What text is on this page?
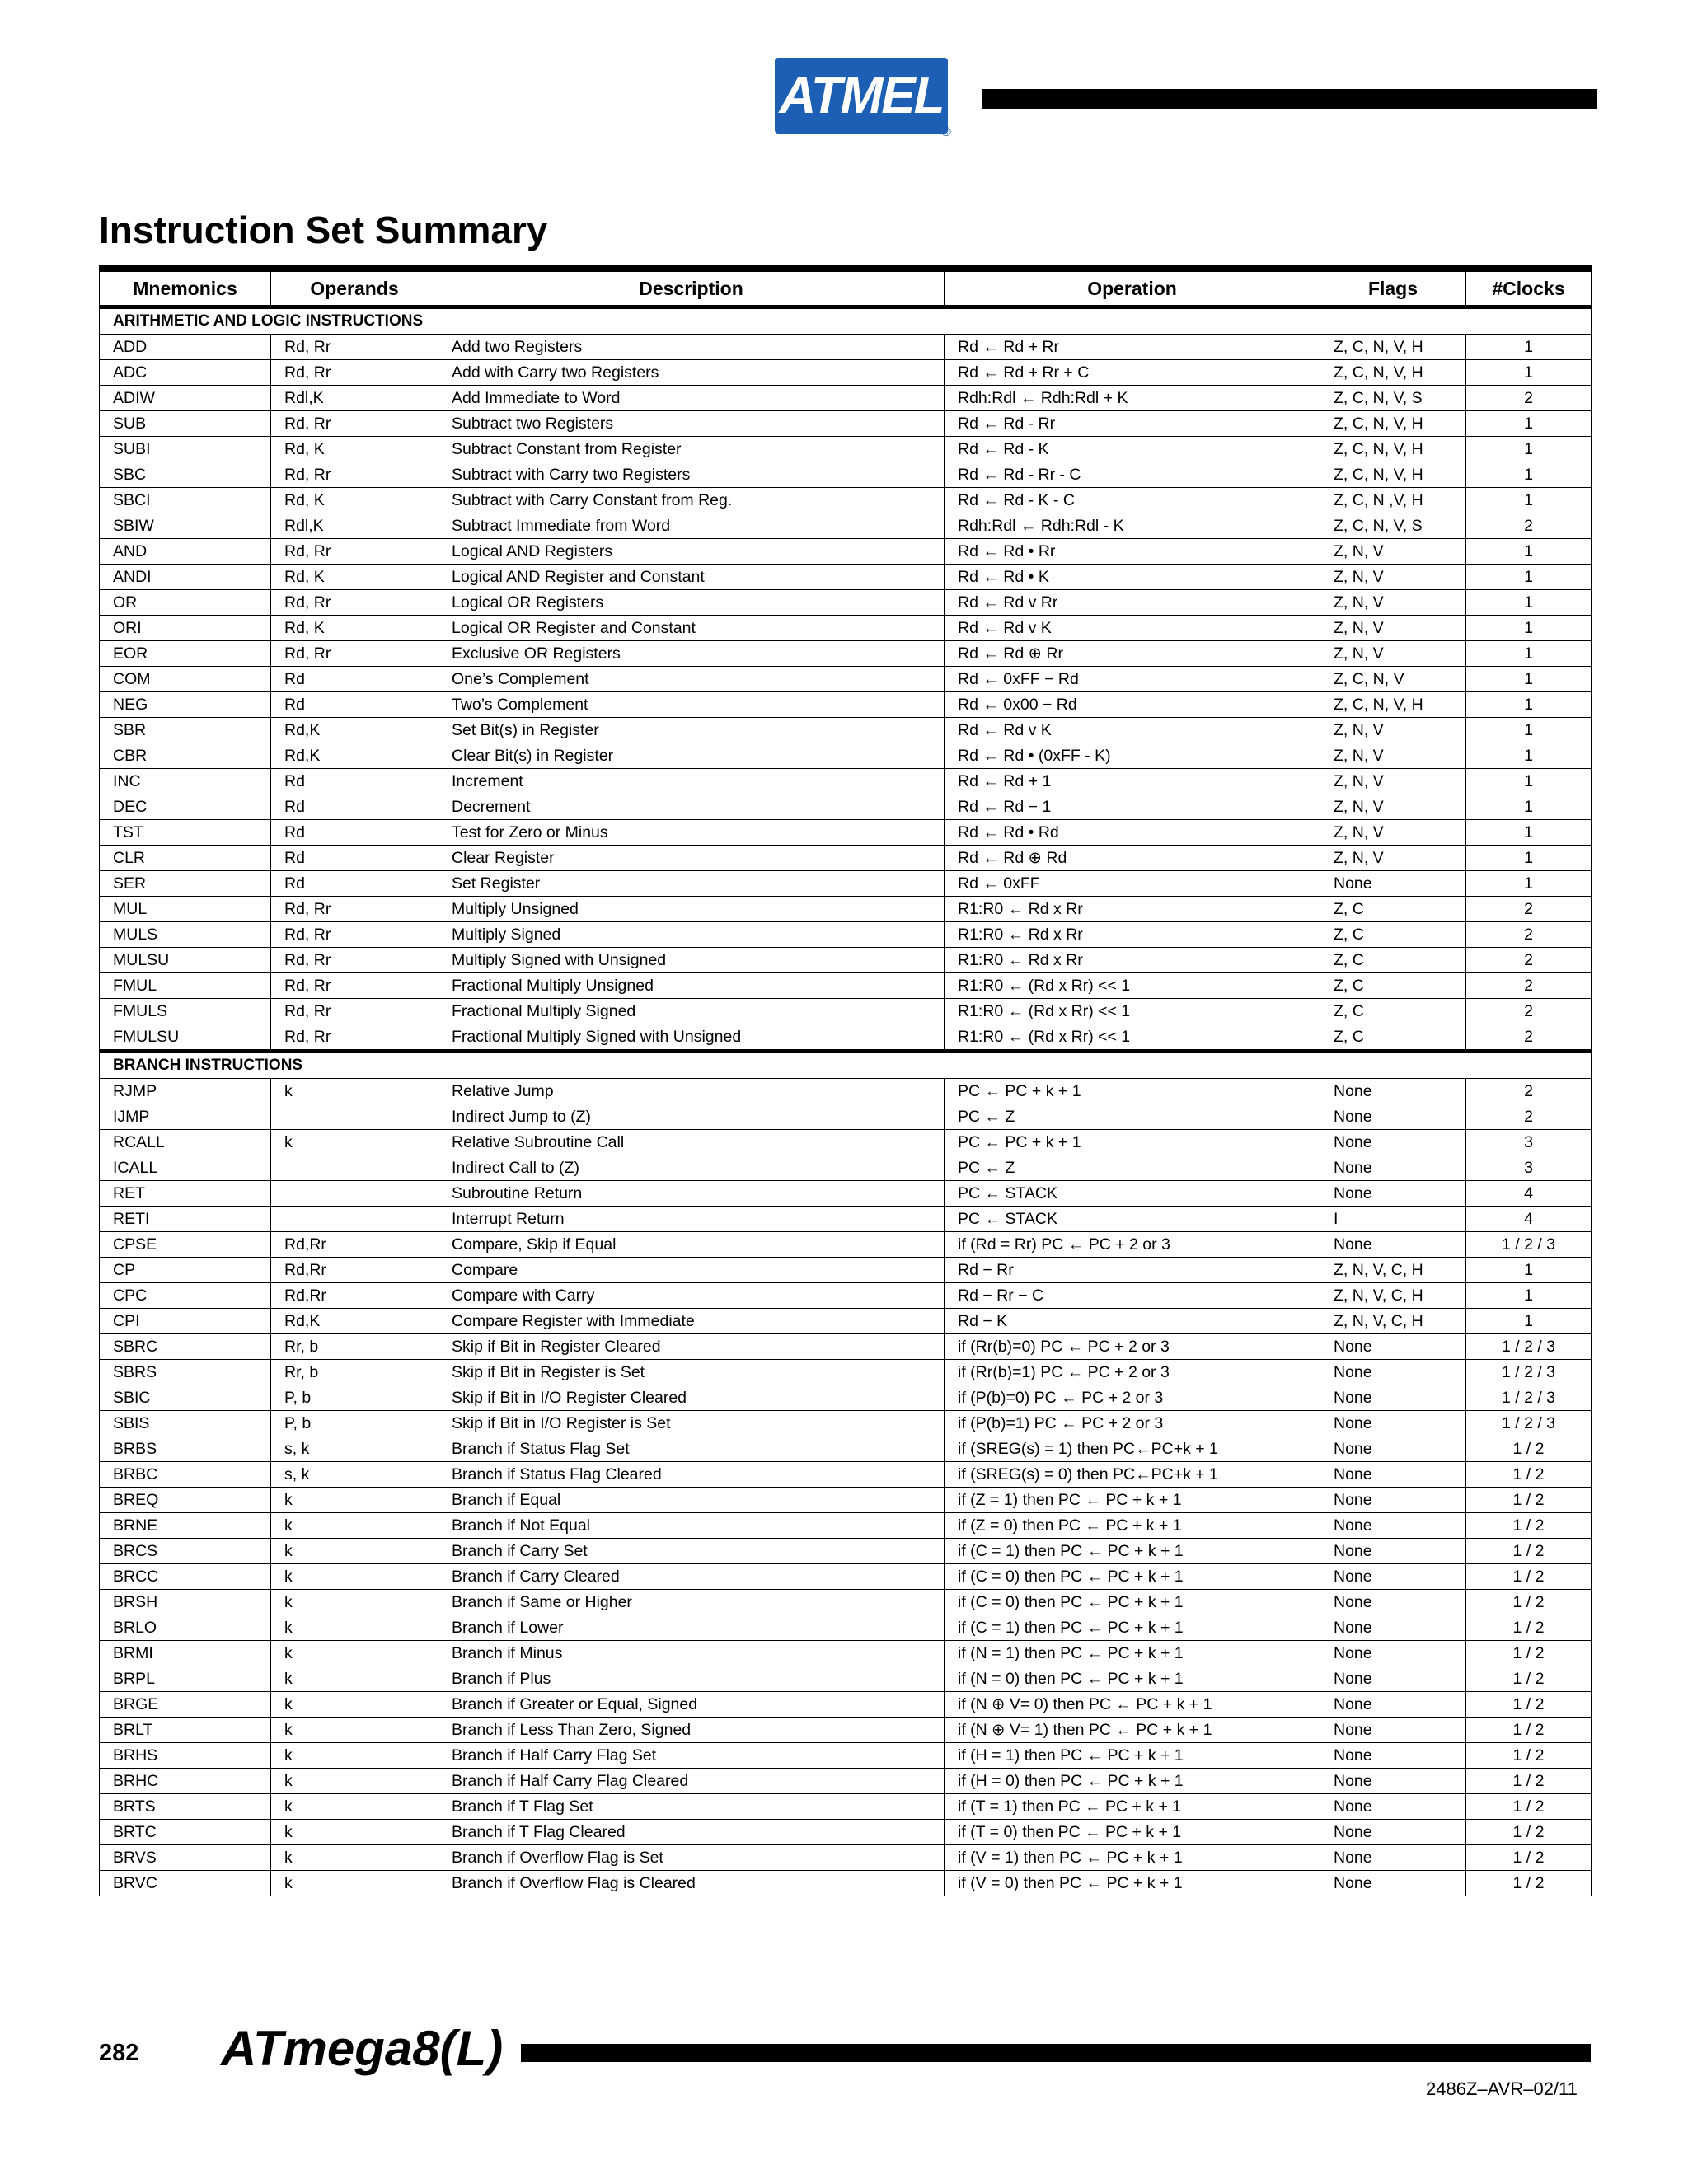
ATMEL
®
Instruction Set Summary
Mnemonics	Operands	Description	Operation	Flags	#Clocks
ARITHMETIC AND LOGIC INSTRUCTIONS					
ADD	Rd, Rr	Add two Registers	Rd ← Rd + Rr	Z, C, N, V, H	1
ADC	Rd, Rr	Add with Carry two Registers	Rd ← Rd + Rr + C	Z, C, N, V, H	1
ADIW	Rdl,K	Add Immediate to Word	Rdh:Rdl ← Rdh:Rdl + K	Z, C, N, V, S	2
SUB	Rd, Rr	Subtract two Registers	Rd ← Rd - Rr	Z, C, N, V, H	1
SUBI	Rd, K	Subtract Constant from Register	Rd ← Rd - K	Z, C, N, V, H	1
SBC	Rd, Rr	Subtract with Carry two Registers	Rd ← Rd - Rr - C	Z, C, N, V, H	1
SBCI	Rd, K	Subtract with Carry Constant from Reg.	Rd ← Rd - K - C	Z, C, N ,V, H	1
SBIW	Rdl,K	Subtract Immediate from Word	Rdh:Rdl ← Rdh:Rdl - K	Z, C, N, V, S	2
AND	Rd, Rr	Logical AND Registers	Rd ← Rd • Rr	Z, N, V	1
ANDI	Rd, K	Logical AND Register and Constant	Rd ← Rd • K	Z, N, V	1
OR	Rd, Rr	Logical OR Registers	Rd ← Rd v Rr	Z, N, V	1
ORI	Rd, K	Logical OR Register and Constant	Rd ← Rd v K	Z, N, V	1
EOR	Rd, Rr	Exclusive OR Registers	Rd ← Rd ⊕ Rr	Z, N, V	1
COM	Rd	One’s Complement	Rd ← 0xFF − Rd	Z, C, N, V	1
NEG	Rd	Two’s Complement	Rd ← 0x00 − Rd	Z, C, N, V, H	1
SBR	Rd,K	Set Bit(s) in Register	Rd ← Rd v K	Z, N, V	1
CBR	Rd,K	Clear Bit(s) in Register	Rd ← Rd • (0xFF - K)	Z, N, V	1
INC	Rd	Increment	Rd ← Rd + 1	Z, N, V	1
DEC	Rd	Decrement	Rd ← Rd − 1	Z, N, V	1
TST	Rd	Test for Zero or Minus	Rd ← Rd • Rd	Z, N, V	1
CLR	Rd	Clear Register	Rd ← Rd ⊕ Rd	Z, N, V	1
SER	Rd	Set Register	Rd ← 0xFF	None	1
MUL	Rd, Rr	Multiply Unsigned	R1:R0 ← Rd x Rr	Z, C	2
MULS	Rd, Rr	Multiply Signed	R1:R0 ← Rd x Rr	Z, C	2
MULSU	Rd, Rr	Multiply Signed with Unsigned	R1:R0 ← Rd x Rr	Z, C	2
FMUL	Rd, Rr	Fractional Multiply Unsigned	R1:R0 ← (Rd x Rr) << 1	Z, C	2
FMULS	Rd, Rr	Fractional Multiply Signed	R1:R0 ← (Rd x Rr) << 1	Z, C	2
FMULSU	Rd, Rr	Fractional Multiply Signed with Unsigned	R1:R0 ← (Rd x Rr) << 1	Z, C	2
BRANCH INSTRUCTIONS					
RJMP	k	Relative Jump	PC ← PC + k + 1	None	2
IJMP		Indirect Jump to (Z)	PC ← Z	None	2
RCALL	k	Relative Subroutine Call	PC ← PC + k + 1	None	3
ICALL		Indirect Call to (Z)	PC ← Z	None	3
RET		Subroutine Return	PC ← STACK	None	4
RETI		Interrupt Return	PC ← STACK	I	4
CPSE	Rd,Rr	Compare, Skip if Equal	if (Rd = Rr) PC ← PC + 2 or 3	None	1 / 2 / 3
CP	Rd,Rr	Compare	Rd − Rr	Z, N, V, C, H	1
CPC	Rd,Rr	Compare with Carry	Rd − Rr − C	Z, N, V, C, H	1
CPI	Rd,K	Compare Register with Immediate	Rd − K	Z, N, V, C, H	1
SBRC	Rr, b	Skip if Bit in Register Cleared	if (Rr(b)=0) PC ← PC + 2 or 3	None	1 / 2 / 3
SBRS	Rr, b	Skip if Bit in Register is Set	if (Rr(b)=1) PC ← PC + 2 or 3	None	1 / 2 / 3
SBIC	P, b	Skip if Bit in I/O Register Cleared	if (P(b)=0) PC ← PC + 2 or 3	None	1 / 2 / 3
SBIS	P, b	Skip if Bit in I/O Register is Set	if (P(b)=1) PC ← PC + 2 or 3	None	1 / 2 / 3
BRBS	s, k	Branch if Status Flag Set	if (SREG(s) = 1) then PC←PC+k + 1	None	1 / 2
BRBC	s, k	Branch if Status Flag Cleared	if (SREG(s) = 0) then PC←PC+k + 1	None	1 / 2
BREQ	k	Branch if Equal	if (Z = 1) then PC ← PC + k + 1	None	1 / 2
BRNE	k	Branch if Not Equal	if (Z = 0) then PC ← PC + k + 1	None	1 / 2
BRCS	k	Branch if Carry Set	if (C = 1) then PC ← PC + k + 1	None	1 / 2
BRCC	k	Branch if Carry Cleared	if (C = 0) then PC ← PC + k + 1	None	1 / 2
BRSH	k	Branch if Same or Higher	if (C = 0) then PC ← PC + k + 1	None	1 / 2
BRLO	k	Branch if Lower	if (C = 1) then PC ← PC + k + 1	None	1 / 2
BRMI	k	Branch if Minus	if (N = 1) then PC ← PC + k + 1	None	1 / 2
BRPL	k	Branch if Plus	if (N = 0) then PC ← PC + k + 1	None	1 / 2
BRGE	k	Branch if Greater or Equal, Signed	if (N ⊕ V= 0) then PC ← PC + k + 1	None	1 / 2
BRLT	k	Branch if Less Than Zero, Signed	if (N ⊕ V= 1) then PC ← PC + k + 1	None	1 / 2
BRHS	k	Branch if Half Carry Flag Set	if (H = 1) then PC ← PC + k + 1	None	1 / 2
BRHC	k	Branch if Half Carry Flag Cleared	if (H = 0) then PC ← PC + k + 1	None	1 / 2
BRTS	k	Branch if T Flag Set	if (T = 1) then PC ← PC + k + 1	None	1 / 2
BRTC	k	Branch if T Flag Cleared	if (T = 0) then PC ← PC + k + 1	None	1 / 2
BRVS	k	Branch if Overflow Flag is Set	if (V = 1) then PC ← PC + k + 1	None	1 / 2
BRVC	k	Branch if Overflow Flag is Cleared	if (V = 0) then PC ← PC + k + 1	None	1 / 2
282 ATmega8(L)
2486Z–AVR–02/11
